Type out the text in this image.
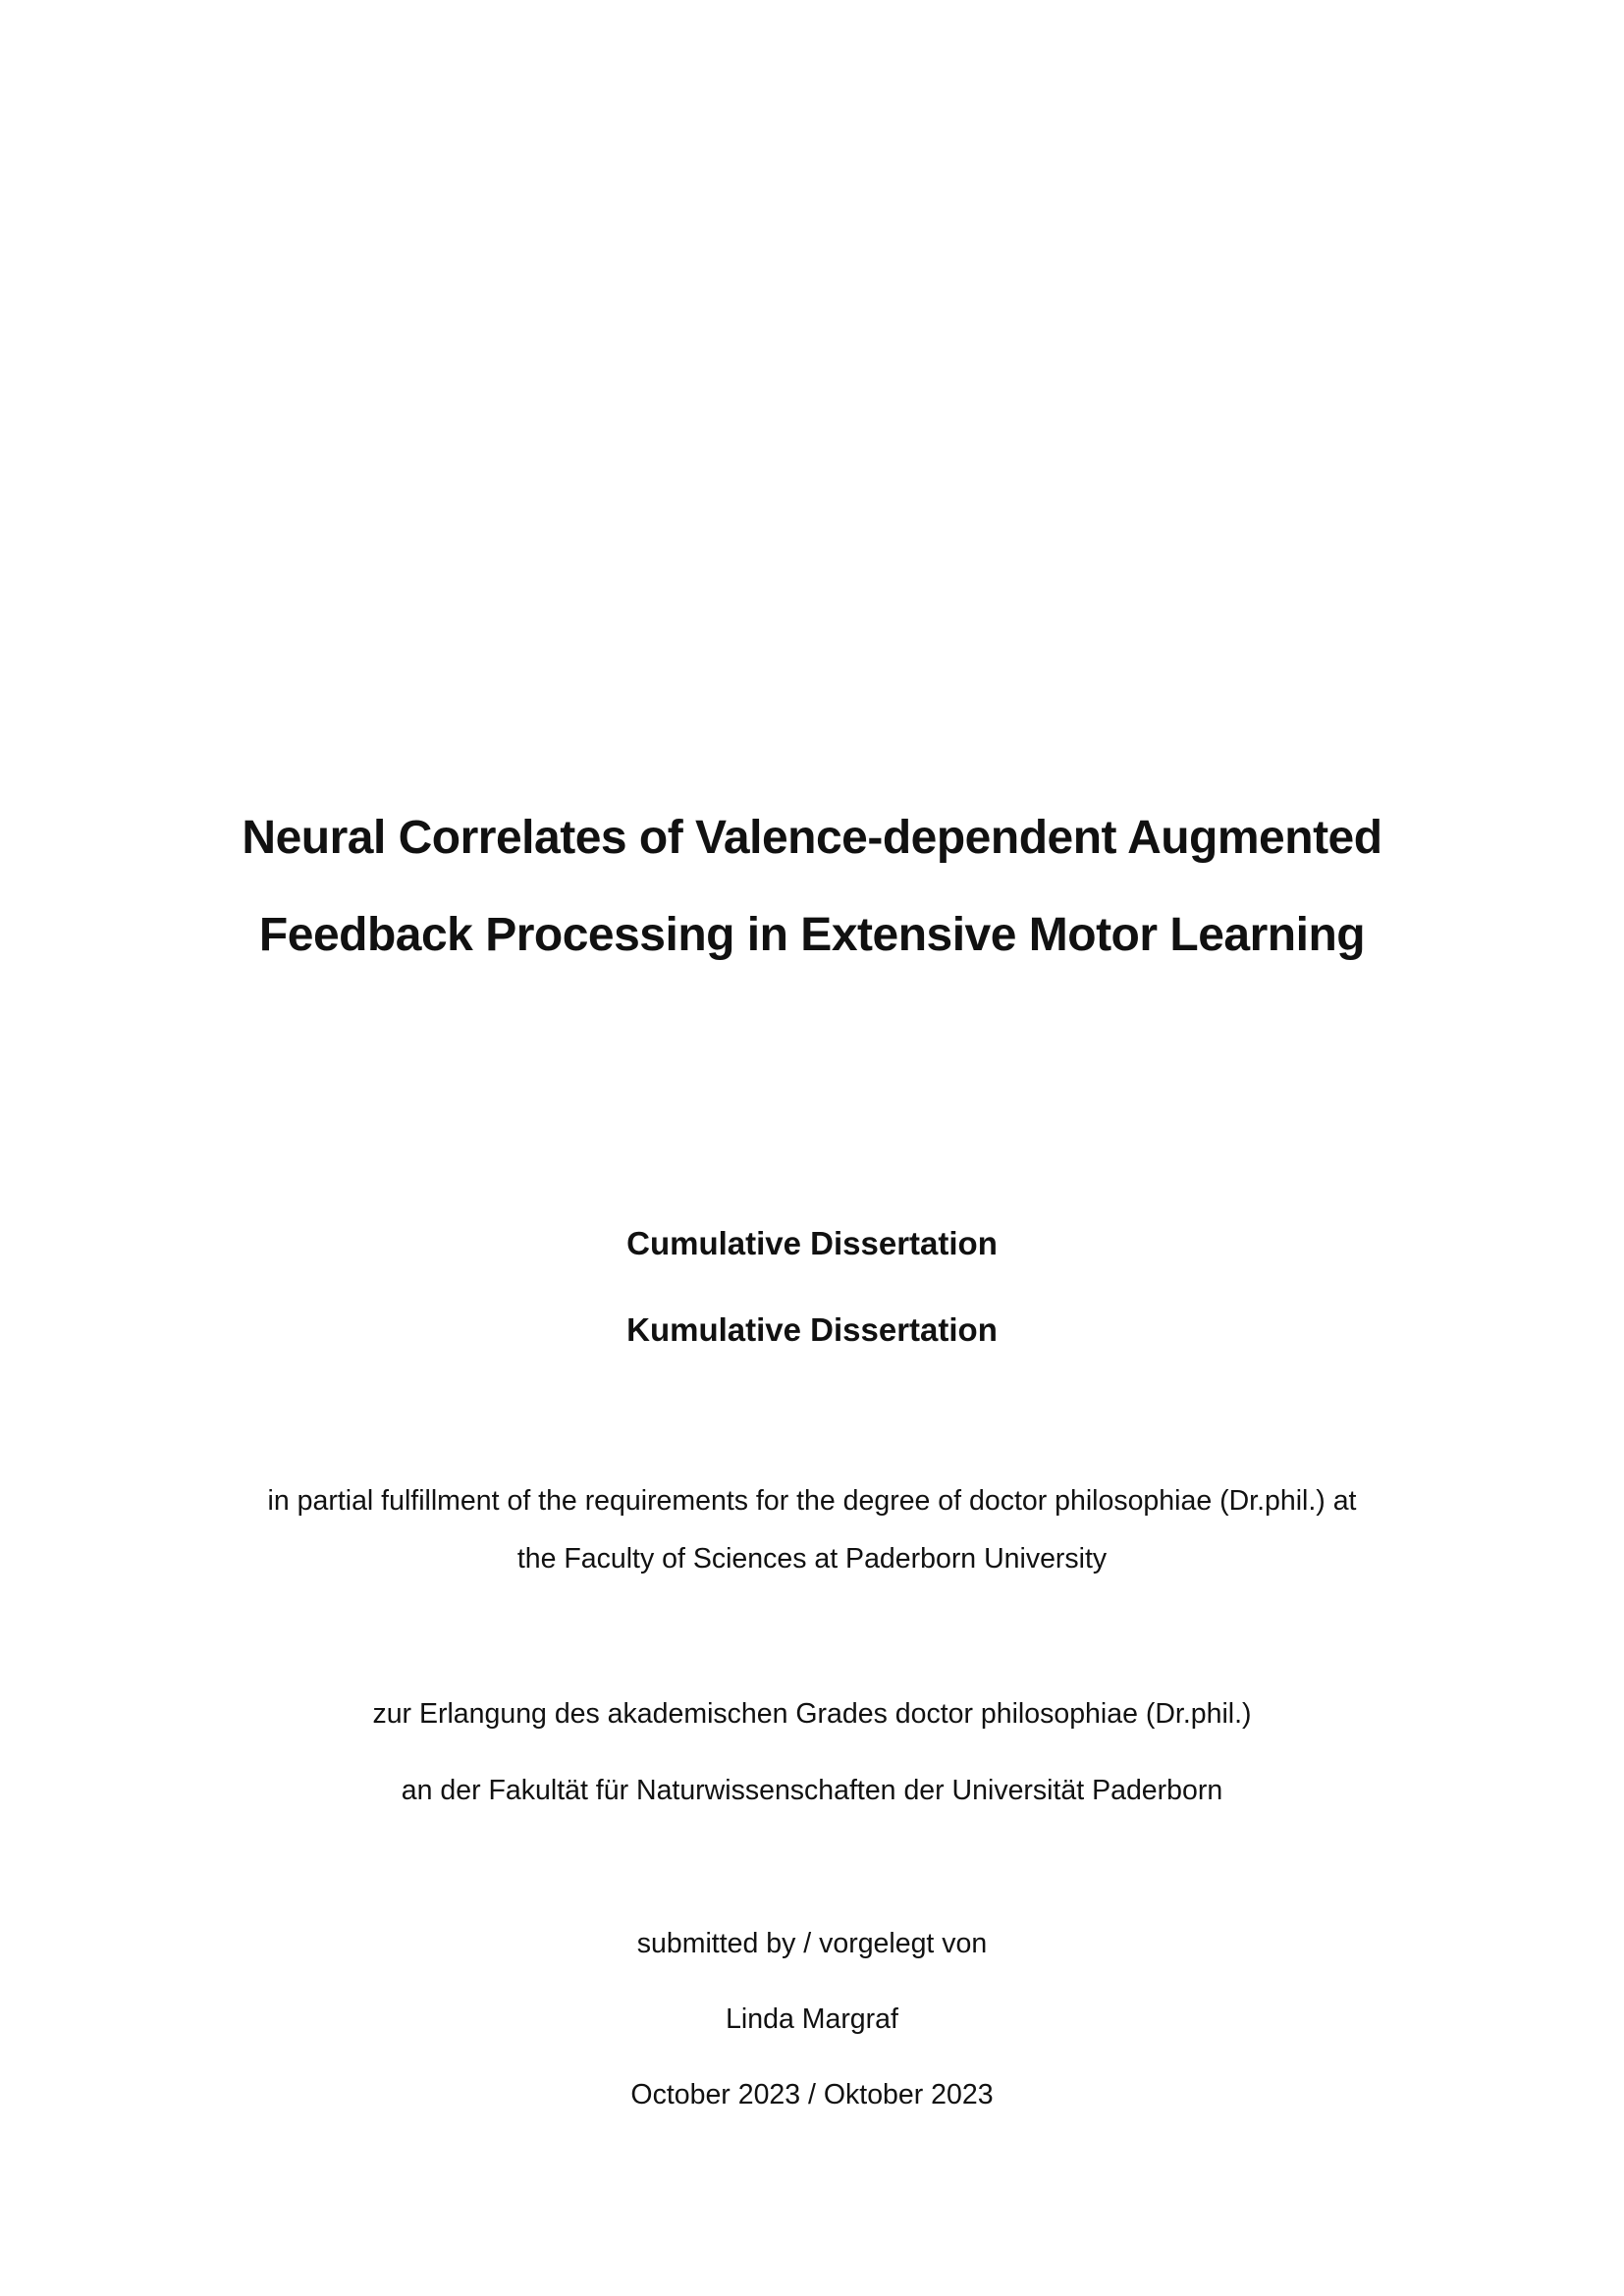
Neural Correlates of Valence-dependent Augmented
Feedback Processing in Extensive Motor Learning

Cumulative Dissertation

Kumulative Dissertation

in partial fulfillment of the requirements for the degree of doctor philosophiae (Dr.phil.) at

the Faculty of Sciences at Paderborn University

zur Erlangung des akademischen Grades doctor philosophiae (Dr.phil.)

an der Fakultät für Naturwissenschaften der Universität Paderborn

submitted by / vorgelegt von

Linda Margraf

October 2023 / Oktober 2023
